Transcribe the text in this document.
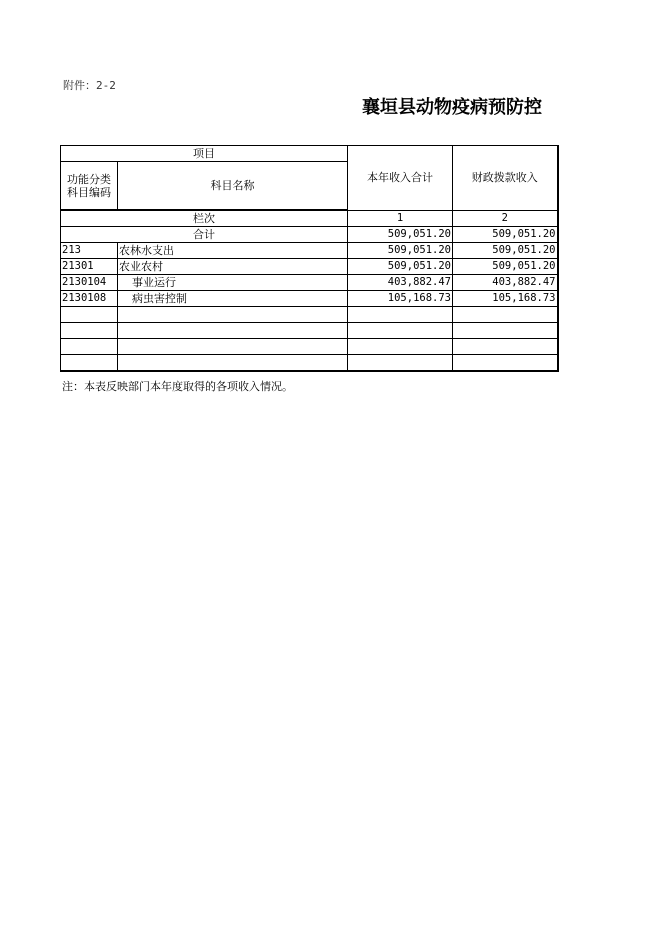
附件：2-2
襄垣县动物疫病预防控
项目		本年收入合计	财政拨款收入
功能分类
科目编码	科目名称		
栏次		1	2
合计		509,051.20	509,051.20
213	农林水支出	509,051.20	509,051.20
21301	农业农村	509,051.20	509,051.20
2130104	事业运行	403,882.47	403,882.47
2130108	病虫害控制	105,168.73	105,168.73

注：本表反映部门本年度取得的各项收入情况。
